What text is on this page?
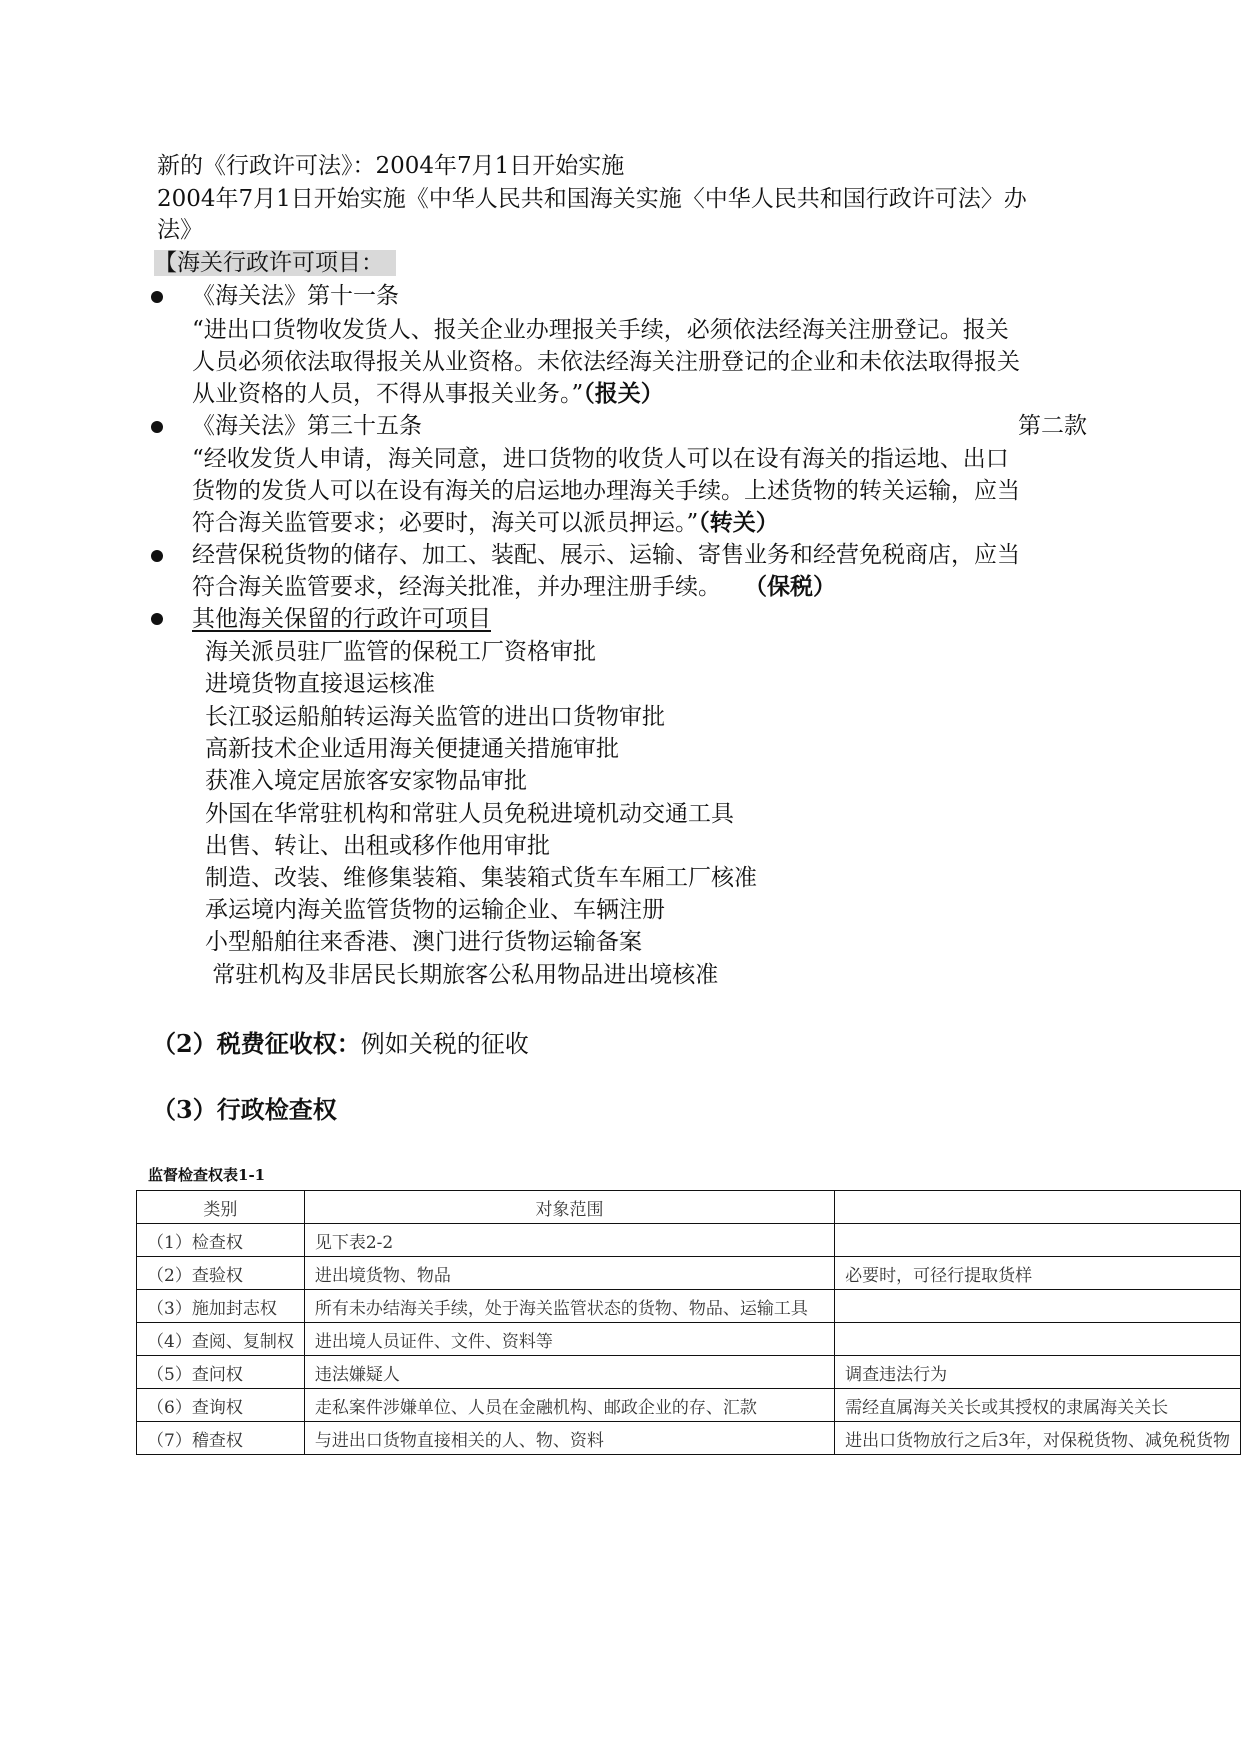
新的《行政许可法》：2004年7月1日开始实施
2004年7月1日开始实施《中华人民共和国海关实施〈中华人民共和国行政许可法〉办
法》
【海关行政许可项目：
《海关法》第十一条
“进出口货物收发货人、报关企业办理报关手续，必须依法经海关注册登记。报关
人员必须依法取得报关从业资格。未依法经海关注册登记的企业和未依法取得报关
从业资格的人员，不得从事报关业务。”（报关）
《海关法》第三十五条	第二款
“经收发货人申请，海关同意，进口货物的收货人可以在设有海关的指运地、出口
货物的发货人可以在设有海关的启运地办理海关手续。上述货物的转关运输，应当
符合海关监管要求；必要时，海关可以派员押运。”（转关）
经营保税货物的储存、加工、装配、展示、运输、寄售业务和经营免税商店，应当
符合海关监管要求，经海关批准，并办理注册手续。  （保税）
其他海关保留的行政许可项目
海关派员驻厂监管的保税工厂资格审批
进境货物直接退运核准
长江驳运船舶转运海关监管的进出口货物审批
高新技术企业适用海关便捷通关措施审批
获准入境定居旅客安家物品审批
外国在华常驻机构和常驻人员免税进境机动交通工具
出售、转让、出租或移作他用审批
制造、改装、维修集装箱、集装箱式货车车厢工厂核准
承运境内海关监管货物的运输企业、车辆注册
小型船舶往来香港、澳门进行货物运输备案
常驻机构及非居民长期旅客公私用物品进出境核准
（2）税费征收权：例如关税的征收
（3）行政检查权
监督检查权表1-1
类别	对象范围	
（1）检查权	见下表2-2	
（2）查验权	进出境货物、物品	必要时，可径行提取货样
（3）施加封志权	所有未办结海关手续，处于海关监管状态的货物、物品、运输工具	
（4）查阅、复制权	进出境人员证件、文件、资料等	
（5）查问权	违法嫌疑人	调查违法行为
（6）查询权	走私案件涉嫌单位、人员在金融机构、邮政企业的存、汇款	需经直属海关关长或其授权的隶属海关关长
（7）稽查权	与进出口货物直接相关的人、物、资料	进出口货物放行之后3年，对保税货物、减免税货物
